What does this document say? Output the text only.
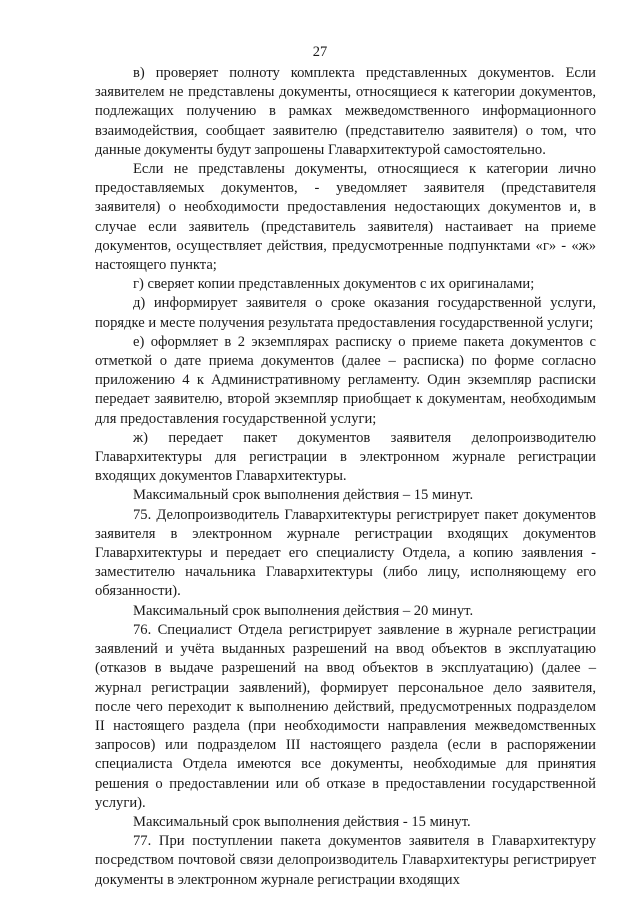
27

в) проверяет полноту комплекта представленных документов. Если заявителем не представлены документы, относящиеся к категории документов, подлежащих получению в рамках межведомственного информационного взаимодействия, сообщает заявителю (представителю заявителя) о том, что данные документы будут запрошены Главархитектурой самостоятельно.

Если не представлены документы, относящиеся к категории лично предоставляемых документов, - уведомляет заявителя (представителя заявителя) о необходимости предоставления недостающих документов и, в случае если заявитель (представитель заявителя) настаивает на приеме документов, осуществляет действия, предусмотренные подпунктами «г» - «ж» настоящего пункта;

г) сверяет копии представленных документов с их оригиналами;

д) информирует заявителя о сроке оказания государственной услуги, порядке и месте получения результата предоставления государственной услуги;

е) оформляет в 2 экземплярах расписку о приеме пакета документов с отметкой о дате приема документов (далее – расписка) по форме согласно приложению 4 к Административному регламенту. Один экземпляр расписки передает заявителю, второй экземпляр приобщает к документам, необходимым для предоставления государственной услуги;

ж) передает пакет документов заявителя делопроизводителю Главархитектуры для регистрации в электронном журнале регистрации входящих документов Главархитектуры.

Максимальный срок выполнения действия – 15 минут.

75. Делопроизводитель Главархитектуры регистрирует пакет документов заявителя в электронном журнале регистрации входящих документов Главархитектуры и передает его специалисту Отдела, а копию заявления - заместителю начальника Главархитектуры (либо лицу, исполняющему его обязанности).

Максимальный срок выполнения действия – 20 минут.

76. Специалист Отдела регистрирует заявление в журнале регистрации заявлений и учёта выданных разрешений на ввод объектов в эксплуатацию (отказов в выдаче разрешений на ввод объектов в эксплуатацию) (далее – журнал регистрации заявлений), формирует персональное дело заявителя, после чего переходит к выполнению действий, предусмотренных подразделом II настоящего раздела (при необходимости направления межведомственных запросов) или подразделом III настоящего раздела (если в распоряжении специалиста Отдела имеются все документы, необходимые для принятия решения о предоставлении или об отказе в предоставлении государственной услуги).

Максимальный срок выполнения действия - 15 минут.

77. При поступлении пакета документов заявителя в Главархитектуру посредством почтовой связи делопроизводитель Главархитектуры регистрирует документы в электронном журнале регистрации входящих
